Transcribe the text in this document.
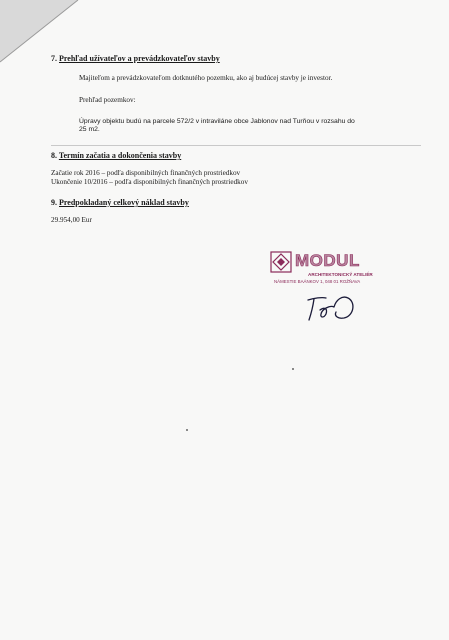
7. Prehľad užívateľov a prevádzkovateľov stavby
Majiteľom a prevádzkovateľom dotknutého pozemku, ako aj budúcej stavby je investor.
Prehľad pozemkov:
Úpravy objektu budú na parcele 572/2 v intraviláne obce Jablonov nad Turňou v rozsahu do
25 m2.
8. Termín začatia a dokončenia stavby
Začatie rok 2016 – podľa disponibilných finančných prostriedkov
Ukončenie 10/2016 – podľa disponibilných finančných prostriedkov
9. Predpokladaný celkový náklad stavby
29.954,00 Eur
MODUL
ARCHITEKTONICKÝ ATELIÉR
NÁMESTIE BAÁNKOV 1, 048 01 ROŽŇAVA
